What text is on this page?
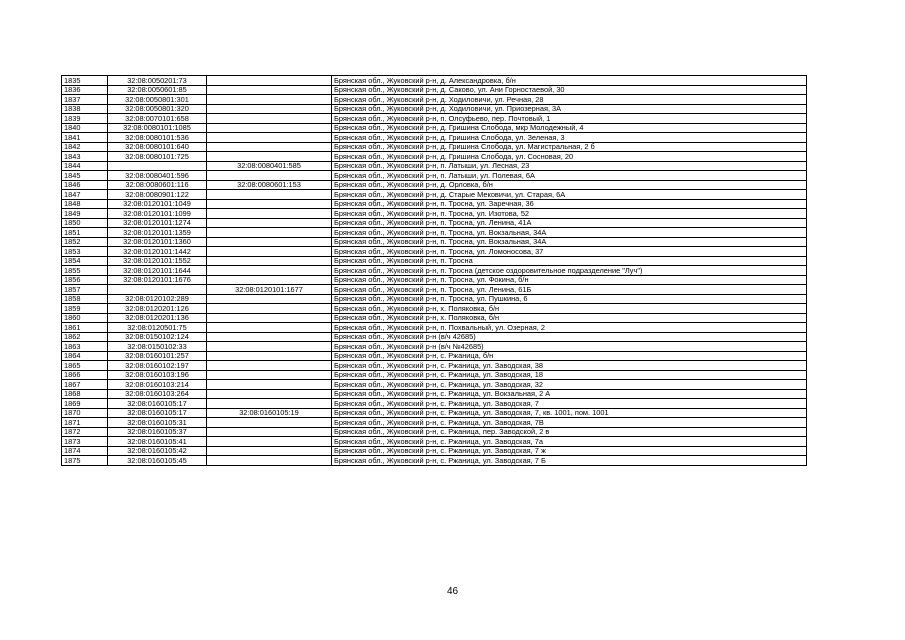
1835	32:08:0050201:73		Брянская обл., Жуковский р-н, д. Александровка, б/н
1836	32:08:0050601:85		Брянская обл., Жуковский р-н, д. Саково, ул. Ани Горностаевой, 30
1837	32:08:0050801:301		Брянская обл., Жуковский р-н, д. Ходиловичи, ул. Речная, 28
1838	32:08:0050801:320		Брянская обл., Жуковский р-н, д. Ходиловичи, ул. Приозерная, 3А
1839	32:08:0070101:658		Брянская обл., Жуковский р-н, п. Олсуфьево, пер. Почтовый, 1
1840	32:08:0080101:1085		Брянская обл., Жуковский р-н, д. Гришина Слобода, мкр Молодежный, 4
1841	32:08:0080101:536		Брянская обл., Жуковский р-н, д. Гришина Слобода, ул. Зеленая, 3
1842	32:08:0080101:640		Брянская обл., Жуковский р-н, д. Гришина Слобода, ул. Магистральная, 2 б
1843	32:08:0080101:725		Брянская обл., Жуковский р-н, д. Гришина Слобода, ул. Сосновая, 20
1844		32:08:0080401:585	Брянская обл., Жуковский р-н, п. Латыши, ул. Лесная, 23
1845	32:08:0080401:596		Брянская обл., Жуковский р-н, п. Латыши, ул. Полевая, 6А
1846	32:08:0080601:116	32:08:0080601:153	Брянская обл., Жуковский р-н, д. Орловка, б/н
1847	32:08:0080901:122		Брянская обл., Жуковский р-н, д. Старые Мековичи, ул. Старая, 6А
1848	32:08:0120101:1049		Брянская обл., Жуковский р-н, п. Тросна, ул. Заречная, 36
1849	32:08:0120101:1099		Брянская обл., Жуковский р-н, п. Тросна, ул. Изотова, 52
1850	32:08:0120101:1274		Брянская обл., Жуковский р-н, п. Тросна, ул. Ленина, 41А
1851	32:08:0120101:1359		Брянская обл., Жуковский р-н, п. Тросна, ул. Вокзальная, 34А
1852	32:08:0120101:1360		Брянская обл., Жуковский р-н, п. Тросна, ул. Вокзальная, 34А
1853	32:08:0120101:1442		Брянская обл., Жуковский р-н, п. Тросна, ул. Ломоносова, 37
1854	32:08:0120101:1552		Брянская обл., Жуковский р-н, п. Тросна
1855	32:08:0120101:1644		Брянская обл., Жуковский р-н, п. Тросна (детское оздоровительное подразделение "Луч")
1856	32:08:0120101:1676		Брянская обл., Жуковский р-н, п. Тросна, ул. Фокина, б/н
1857		32:08:0120101:1677	Брянская обл., Жуковский р-н, п. Тросна, ул. Ленина, 61Б
1858	32:08:0120102:289		Брянская обл., Жуковский р-н, п. Тросна, ул. Пушкина, 6
1859	32:08:0120201:126		Брянская обл., Жуковский р-н, х. Поляковка, б/н
1860	32:08:0120201:136		Брянская обл., Жуковский р-н, х. Поляковка, б/н
1861	32:08:0120501:75		Брянская обл., Жуковский р-н, п. Похвальный, ул. Озерная, 2
1862	32:08:0150102:124		Брянская обл., Жуковский р-н (в/ч 42685)
1863	32:08:0150102:33		Брянская обл., Жуковский р-н (в/ч №42685)
1864	32:08:0160101:257		Брянская обл., Жуковский р-н, с. Ржаница, б/н
1865	32:08:0160102:197		Брянская обл., Жуковский р-н, с. Ржаница, ул. Заводская, 38
1866	32:08:0160103:196		Брянская обл., Жуковский р-н, с. Ржаница, ул. Заводская, 18
1867	32:08:0160103:214		Брянская обл., Жуковский р-н, с. Ржаница, ул. Заводская, 32
1868	32:08:0160103:264		Брянская обл., Жуковский р-н, с. Ржаница, ул. Вокзальная, 2 А
1869	32:08:0160105:17		Брянская обл., Жуковский р-н, с. Ржаница, ул. Заводская, 7
1870	32:08:0160105:17	32:08:0160105:19	Брянская обл., Жуковский р-н, с. Ржаница, ул. Заводская, 7, кв. 1001, пом. 1001
1871	32:08:0160105:31		Брянская обл., Жуковский р-н, с. Ржаница, ул. Заводская, 7В
1872	32:08:0160105:37		Брянская обл., Жуковский р-н, с. Ржаница, пер. Заводской, 2 в
1873	32:08:0160105:41		Брянская обл., Жуковский р-н, с. Ржаница, ул. Заводская, 7а
1874	32:08:0160105:42		Брянская обл., Жуковский р-н, с. Ржаница, ул. Заводская, 7 ж
1875	32:08:0160105:45		Брянская обл., Жуковский р-н, с. Ржаница, ул. Заводская, 7 Б
46
